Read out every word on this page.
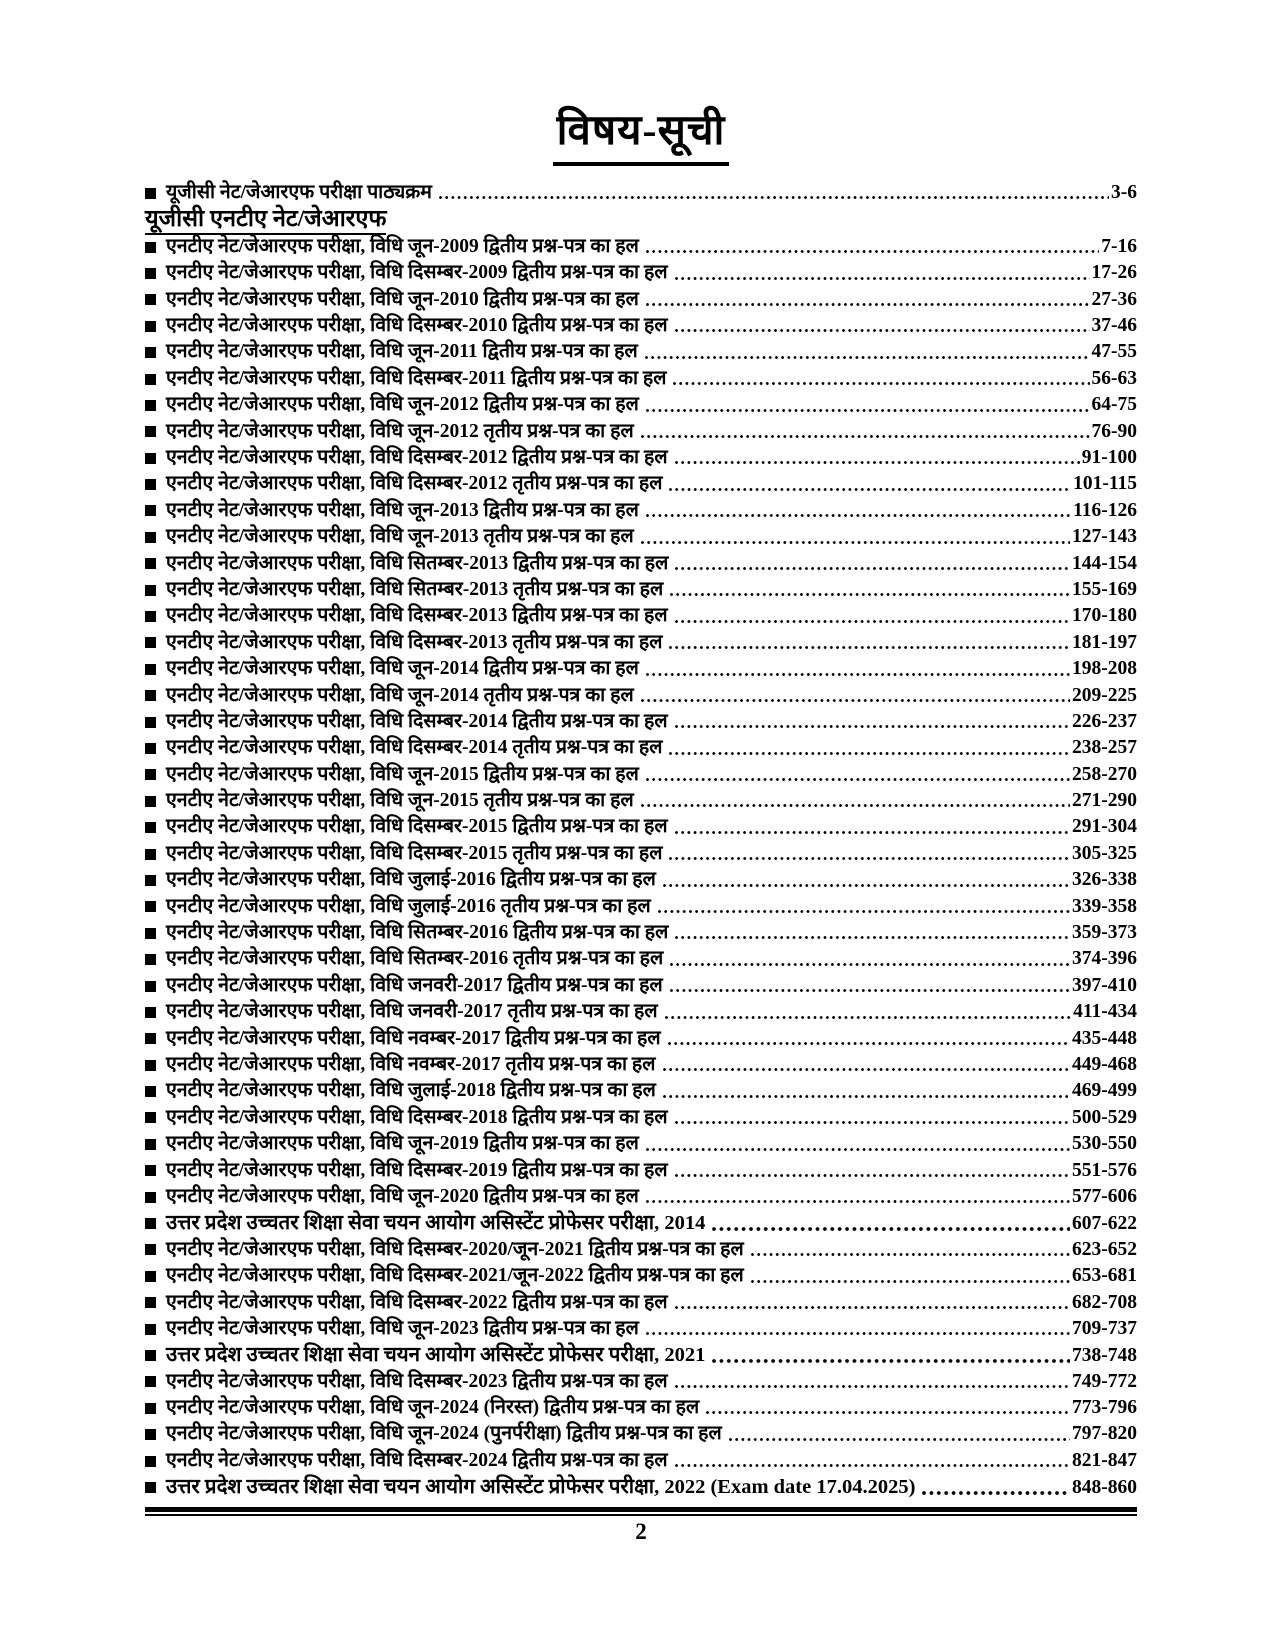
विषय-सूची
यूजीसी नेट/जेआरएफ परीक्षा पाठ्यक्रम	3-6
यूजीसी एनटीए नेट/जेआरएफ
एनटीए नेट/जेआरएफ परीक्षा, विधि जून-2009 द्वितीय प्रश्न-पत्र का हल	7-16
एनटीए नेट/जेआरएफ परीक्षा, विधि दिसम्बर-2009 द्वितीय प्रश्न-पत्र का हल	17-26
एनटीए नेट/जेआरएफ परीक्षा, विधि जून-2010 द्वितीय प्रश्न-पत्र का हल	27-36
एनटीए नेट/जेआरएफ परीक्षा, विधि दिसम्बर-2010 द्वितीय प्रश्न-पत्र का हल	37-46
एनटीए नेट/जेआरएफ परीक्षा, विधि जून-2011 द्वितीय प्रश्न-पत्र का हल	47-55
एनटीए नेट/जेआरएफ परीक्षा, विधि दिसम्बर-2011 द्वितीय प्रश्न-पत्र का हल	56-63
एनटीए नेट/जेआरएफ परीक्षा, विधि जून-2012 द्वितीय प्रश्न-पत्र का हल	64-75
एनटीए नेट/जेआरएफ परीक्षा, विधि जून-2012 तृतीय प्रश्न-पत्र का हल	76-90
एनटीए नेट/जेआरएफ परीक्षा, विधि दिसम्बर-2012 द्वितीय प्रश्न-पत्र का हल	91-100
एनटीए नेट/जेआरएफ परीक्षा, विधि दिसम्बर-2012 तृतीय प्रश्न-पत्र का हल	101-115
एनटीए नेट/जेआरएफ परीक्षा, विधि जून-2013 द्वितीय प्रश्न-पत्र का हल	116-126
एनटीए नेट/जेआरएफ परीक्षा, विधि जून-2013 तृतीय प्रश्न-पत्र का हल	127-143
एनटीए नेट/जेआरएफ परीक्षा, विधि सितम्बर-2013 द्वितीय प्रश्न-पत्र का हल	144-154
एनटीए नेट/जेआरएफ परीक्षा, विधि सितम्बर-2013 तृतीय प्रश्न-पत्र का हल	155-169
एनटीए नेट/जेआरएफ परीक्षा, विधि दिसम्बर-2013 द्वितीय प्रश्न-पत्र का हल	170-180
एनटीए नेट/जेआरएफ परीक्षा, विधि दिसम्बर-2013 तृतीय प्रश्न-पत्र का हल	181-197
एनटीए नेट/जेआरएफ परीक्षा, विधि जून-2014 द्वितीय प्रश्न-पत्र का हल	198-208
एनटीए नेट/जेआरएफ परीक्षा, विधि जून-2014 तृतीय प्रश्न-पत्र का हल	209-225
एनटीए नेट/जेआरएफ परीक्षा, विधि दिसम्बर-2014 द्वितीय प्रश्न-पत्र का हल	226-237
एनटीए नेट/जेआरएफ परीक्षा, विधि दिसम्बर-2014 तृतीय प्रश्न-पत्र का हल	238-257
एनटीए नेट/जेआरएफ परीक्षा, विधि जून-2015 द्वितीय प्रश्न-पत्र का हल	258-270
एनटीए नेट/जेआरएफ परीक्षा, विधि जून-2015 तृतीय प्रश्न-पत्र का हल	271-290
एनटीए नेट/जेआरएफ परीक्षा, विधि दिसम्बर-2015 द्वितीय प्रश्न-पत्र का हल	291-304
एनटीए नेट/जेआरएफ परीक्षा, विधि दिसम्बर-2015 तृतीय प्रश्न-पत्र का हल	305-325
एनटीए नेट/जेआरएफ परीक्षा, विधि जुलाई-2016 द्वितीय प्रश्न-पत्र का हल	326-338
एनटीए नेट/जेआरएफ परीक्षा, विधि जुलाई-2016 तृतीय प्रश्न-पत्र का हल	339-358
एनटीए नेट/जेआरएफ परीक्षा, विधि सितम्बर-2016 द्वितीय प्रश्न-पत्र का हल	359-373
एनटीए नेट/जेआरएफ परीक्षा, विधि सितम्बर-2016 तृतीय प्रश्न-पत्र का हल	374-396
एनटीए नेट/जेआरएफ परीक्षा, विधि जनवरी-2017 द्वितीय प्रश्न-पत्र का हल	397-410
एनटीए नेट/जेआरएफ परीक्षा, विधि जनवरी-2017 तृतीय प्रश्न-पत्र का हल	411-434
एनटीए नेट/जेआरएफ परीक्षा, विधि नवम्बर-2017 द्वितीय प्रश्न-पत्र का हल	435-448
एनटीए नेट/जेआरएफ परीक्षा, विधि नवम्बर-2017 तृतीय प्रश्न-पत्र का हल	449-468
एनटीए नेट/जेआरएफ परीक्षा, विधि जुलाई-2018 द्वितीय प्रश्न-पत्र का हल	469-499
एनटीए नेट/जेआरएफ परीक्षा, विधि दिसम्बर-2018 द्वितीय प्रश्न-पत्र का हल	500-529
एनटीए नेट/जेआरएफ परीक्षा, विधि जून-2019 द्वितीय प्रश्न-पत्र का हल	530-550
एनटीए नेट/जेआरएफ परीक्षा, विधि दिसम्बर-2019 द्वितीय प्रश्न-पत्र का हल	551-576
एनटीए नेट/जेआरएफ परीक्षा, विधि जून-2020 द्वितीय प्रश्न-पत्र का हल	577-606
उत्तर प्रदेश उच्चतर शिक्षा सेवा चयन आयोग असिस्टेंट प्रोफेसर परीक्षा, 2014	607-622
एनटीए नेट/जेआरएफ परीक्षा, विधि दिसम्बर-2020/जून-2021 द्वितीय प्रश्न-पत्र का हल	623-652
एनटीए नेट/जेआरएफ परीक्षा, विधि दिसम्बर-2021/जून-2022 द्वितीय प्रश्न-पत्र का हल	653-681
एनटीए नेट/जेआरएफ परीक्षा, विधि दिसम्बर-2022 द्वितीय प्रश्न-पत्र का हल	682-708
एनटीए नेट/जेआरएफ परीक्षा, विधि जून-2023 द्वितीय प्रश्न-पत्र का हल	709-737
उत्तर प्रदेश उच्चतर शिक्षा सेवा चयन आयोग असिस्टेंट प्रोफेसर परीक्षा, 2021	738-748
एनटीए नेट/जेआरएफ परीक्षा, विधि दिसम्बर-2023 द्वितीय प्रश्न-पत्र का हल	749-772
एनटीए नेट/जेआरएफ परीक्षा, विधि जून-2024 (निरस्त) द्वितीय प्रश्न-पत्र का हल	773-796
एनटीए नेट/जेआरएफ परीक्षा, विधि जून-2024 (पुनर्परीक्षा) द्वितीय प्रश्न-पत्र का हल	797-820
एनटीए नेट/जेआरएफ परीक्षा, विधि दिसम्बर-2024 द्वितीय प्रश्न-पत्र का हल	821-847
उत्तर प्रदेश उच्चतर शिक्षा सेवा चयन आयोग असिस्टेंट प्रोफेसर परीक्षा, 2022 (Exam date 17.04.2025)	848-860
2
